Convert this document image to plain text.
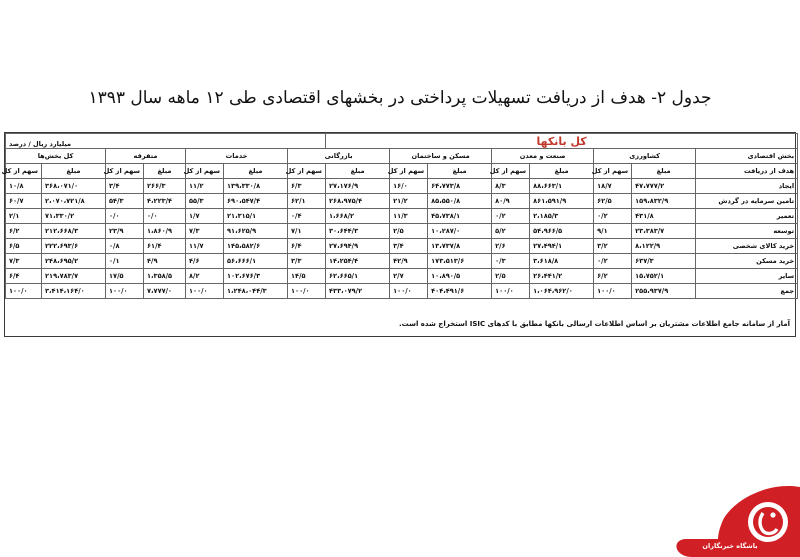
جدول ۲- هدف از دریافت تسهیلات پرداختی در بخشهای اقتصادی طی ۱۲ ماهه سال ۱۳۹۳
کل بانکها								میلیارد ریال / درصد						
بخش اقتصادی	کشاورزی		صنعت و معدن		مسکن و ساختمان		بازرگانی		خدمات		متفرقه		کل بخش‌ها	
هدف از دریافت	مبلغ	سهم از کل	مبلغ	سهم از کل	مبلغ	سهم از کل	مبلغ	سهم از کل	مبلغ	سهم از کل	مبلغ	سهم از کل	مبلغ	سهم از کل
ایجاد	۴۷،۷۷۷/۲	۱۸/۷	۸۸،۶۶۳/۱	۸/۳	۶۴،۷۷۳/۸	۱۶/۰	۲۷،۱۷۶/۹	۶/۳	۱۳۹،۳۳۰/۸	۱۱/۲	۲۶۶/۳	۳/۴	۳۶۸،۰۷۱/۰	۱۰/۸
تامین سرمایه در گردش	۱۵۹،۸۳۲/۹	۶۲/۵	۸۶۱،۵۹۱/۹	۸۰/۹	۸۵،۵۵۰/۸	۲۱/۲	۲۶۸،۹۷۵/۴	۶۲/۱	۶۹۰،۵۴۷/۴	۵۵/۳	۴،۲۲۳/۴	۵۴/۳	۲،۰۷۰،۷۲۱/۸	۶۰/۷
تعمیر	۴۳۱/۸	۰/۲	۲،۱۸۵/۳	۰/۲	۴۵،۷۳۸/۱	۱۱/۳	۱،۶۶۸/۲	۰/۴	۲۱،۳۱۵/۱	۱/۷	۰/۰	۰/۰	۷۱،۳۳۰/۲	۲/۱
توسعه	۲۳،۳۸۳/۷	۹/۱	۵۴،۹۶۶/۵	۵/۲	۱۰،۲۸۷/۰	۲/۵	۳۰،۶۴۴/۳	۷/۱	۹۱،۶۲۵/۹	۷/۳	۱،۸۶۰/۹	۲۳/۹	۲۱۲،۶۶۸/۳	۶/۲
خرید کالای شخصی	۸،۱۲۲/۹	۳/۲	۲۷،۴۹۴/۱	۲/۶	۱۳،۷۳۷/۸	۳/۴	۲۷،۶۹۴/۹	۶/۴	۱۴۵،۵۸۲/۶	۱۱/۷	۶۱/۴	۰/۸	۲۲۲،۶۹۳/۶	۶/۵
خرید مسکن	۶۳۷/۳	۰/۲	۳،۶۱۸/۸	۰/۳	۱۷۳،۵۱۳/۶	۴۲/۹	۱۴،۲۵۴/۴	۳/۳	۵۶،۶۶۶/۱	۴/۶	۴/۹	۰/۱	۲۴۸،۶۹۵/۲	۷/۳
سایر	۱۵،۷۵۲/۱	۶/۲	۲۶،۴۴۱/۲	۲/۵	۱۰،۸۹۰/۵	۲/۷	۶۲،۶۶۵/۱	۱۴/۵	۱۰۲،۶۷۶/۳	۸/۲	۱،۳۵۸/۵	۱۷/۵	۲۱۹،۷۸۳/۷	۶/۴
جمع	۲۵۵،۹۳۷/۹	۱۰۰/۰	۱،۰۶۴،۹۶۲/۰	۱۰۰/۰	۴۰۴،۴۹۱/۶	۱۰۰/۰	۴۳۳،۰۷۹/۲	۱۰۰/۰	۱،۲۴۸،۰۴۴/۳	۱۰۰/۰	۷،۷۷۷/۰	۱۰۰/۰	۳،۴۱۴،۱۶۴/۰	۱۰۰/۰

آمار از سامانه جامع اطلاعات مشتریان بر اساس اطلاعات ارسالی بانکها مطابق با کدهای ISIC استخراج شده است.

باشگاه خبرنگاران
